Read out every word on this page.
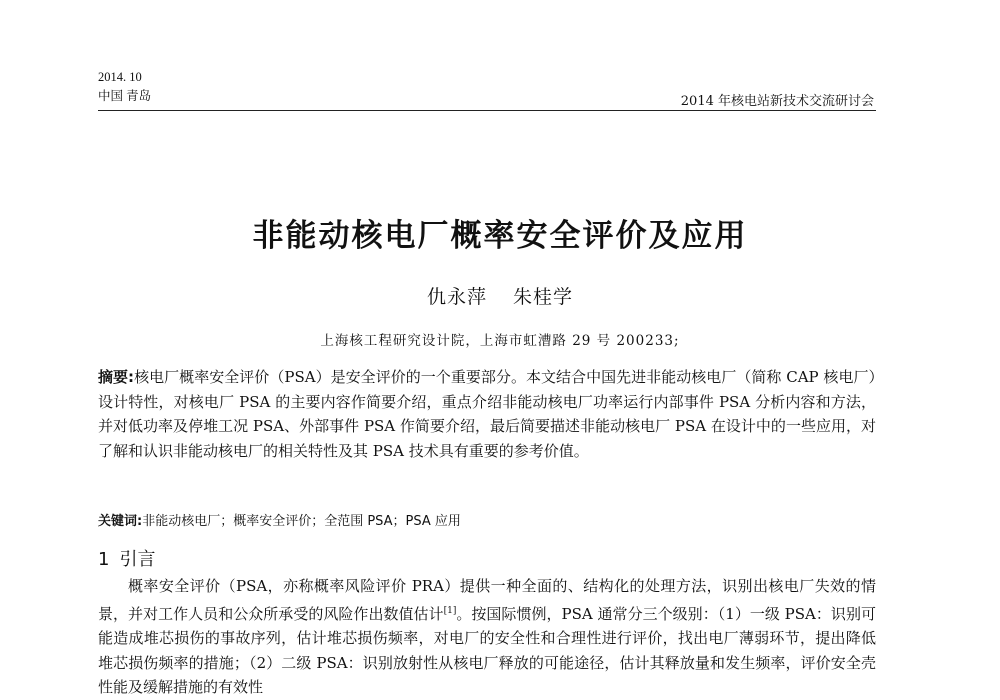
2014. 10
中国 青岛	2014 年核电站新技术交流研讨会
非能动核电厂概率安全评价及应用
仇永萍 朱桂学
上海核工程研究设计院，上海市虹漕路 29 号 200233;
摘要:核电厂概率安全评价（PSA）是安全评价的一个重要部分。本文结合中国先进非能动核电厂（简称 CAP 核电厂）设计特性，对核电厂 PSA 的主要内容作简要介绍，重点介绍非能动核电厂功率运行内部事件 PSA 分析内容和方法，并对低功率及停堆工况 PSA、外部事件 PSA 作简要介绍，最后简要描述非能动核电厂 PSA 在设计中的一些应用，对了解和认识非能动核电厂的相关特性及其 PSA 技术具有重要的参考价值。
关键词:非能动核电厂；概率安全评价；全范围 PSA；PSA 应用
1 引言
概率安全评价（PSA，亦称概率风险评价 PRA）提供一种全面的、结构化的处理方法，识别出核电厂失效的情景，并对工作人员和公众所承受的风险作出数值估计[1]。按国际惯例，PSA 通常分三个级别：（1）一级 PSA：识别可能造成堆芯损伤的事故序列，估计堆芯损伤频率，对电厂的安全性和合理性进行评价，找出电厂薄弱环节，提出降低堆芯损伤频率的措施；（2）二级 PSA：识别放射性从核电厂释放的可能途径，估计其释放量和发生频率，评价安全壳性能及缓解措施的有效性
